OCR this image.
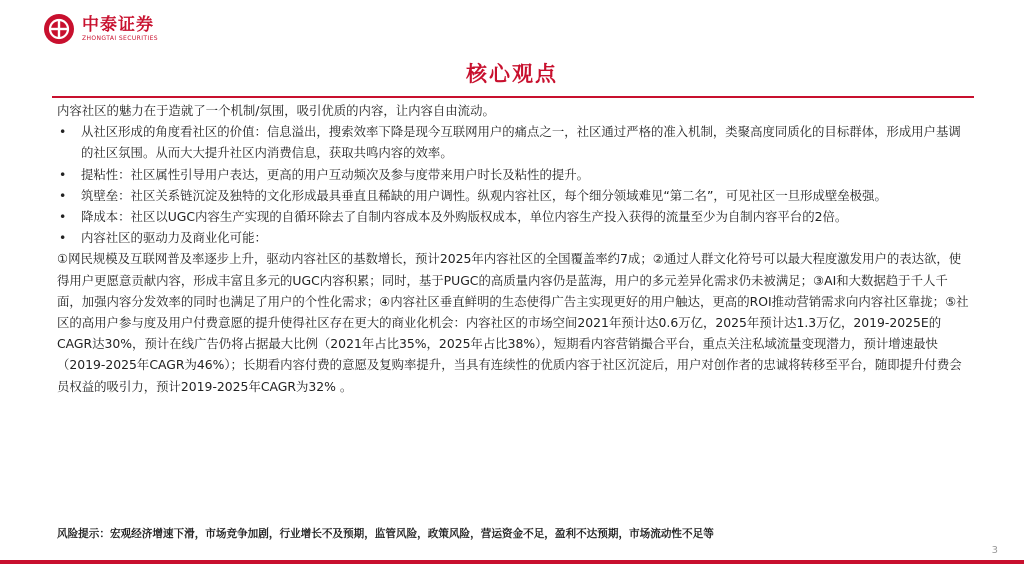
中泰证券
ZHONGTAI SECURITIES
核心观点

内容社区的魅力在于造就了一个机制/氛围，吸引优质的内容，让内容自由流动。

• 从社区形成的角度看社区的价值：信息溢出，搜索效率下降是现今互联网用户的痛点之一，社区通过严格的准入机制，类聚高度同质化的目标群体，形成用户基调的社区氛围。从而大大提升社区内消费信息，获取共鸣内容的效率。

• 提粘性：社区属性引导用户表达，更高的用户互动频次及参与度带来用户时长及粘性的提升。

• 筑壁垒：社区关系链沉淀及独特的文化形成最具垂直且稀缺的用户调性。纵观内容社区，每个细分领域难见“第二名”，可见社区一旦形成壁垒极强。

• 降成本：社区以UGC内容生产实现的自循环除去了自制内容成本及外购版权成本，单位内容生产投入获得的流量至少为自制内容平台的2倍。

• 内容社区的驱动力及商业化可能：

①网民规模及互联网普及率逐步上升，驱动内容社区的基数增长，预计2025年内容社区的全国覆盖率约7成；②通过人群文化符号可以最大程度激发用户的表达欲，使得用户更愿意贡献内容，形成丰富且多元的UGC内容积累；同时，基于PUGC的高质量内容仍是蓝海，用户的多元差异化需求仍未被满足；③AI和大数据趋于千人千面，加强内容分发效率的同时也满足了用户的个性化需求；④内容社区垂直鲜明的生态使得广告主实现更好的用户触达，更高的ROI推动营销需求向内容社区靠拢；⑤社区的高用户参与度及用户付费意愿的提升使得社区存在更大的商业化机会：内容社区的市场空间2021年预计达0.6万亿，2025年预计达1.3万亿，2019-2025E的CAGR达30%，预计在线广告仍将占据最大比例（2021年占比35%，2025年占比38%），短期看内容营销撮合平台，重点关注私域流量变现潜力，预计增速最快（2019-2025年CAGR为46%）；长期看内容付费的意愿及复购率提升，当具有连续性的优质内容于社区沉淀后，用户对创作者的忠诚将转移至平台，随即提升付费会员权益的吸引力，预计2019-2025年CAGR为32% 。

风险提示：宏观经济增速下滑，市场竞争加剧，行业增长不及预期，监管风险，政策风险，营运资金不足，盈利不达预期，市场流动性不足等
3
